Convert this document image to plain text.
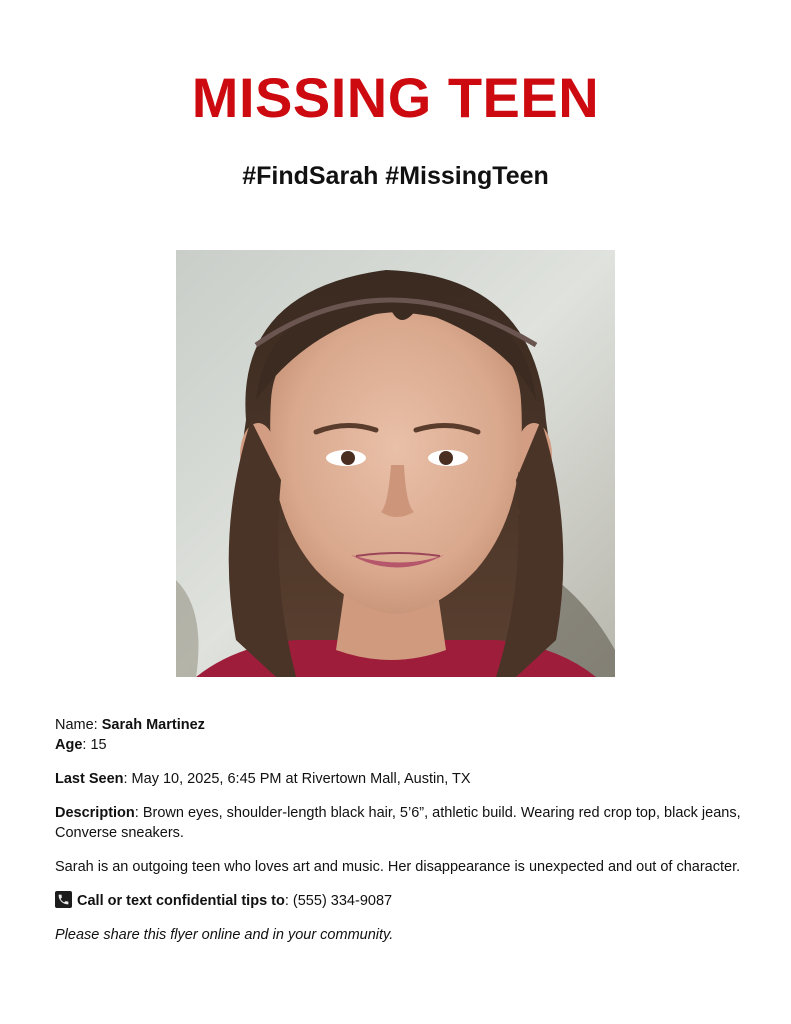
MISSING TEEN
#FindSarah #MissingTeen

Name: Sarah Martinez

Age: 15

Last Seen: May 10, 2025, 6:45 PM at Rivertown Mall, Austin, TX

Description: Brown eyes, shoulder-length black hair, 5’6”, athletic build. Wearing red crop top, black jeans, Converse sneakers.

Sarah is an outgoing teen who loves art and music. Her disappearance is unexpected and out of character.

Call or text confidential tips to: (555) 334-9087

Please share this flyer online and in your community.
